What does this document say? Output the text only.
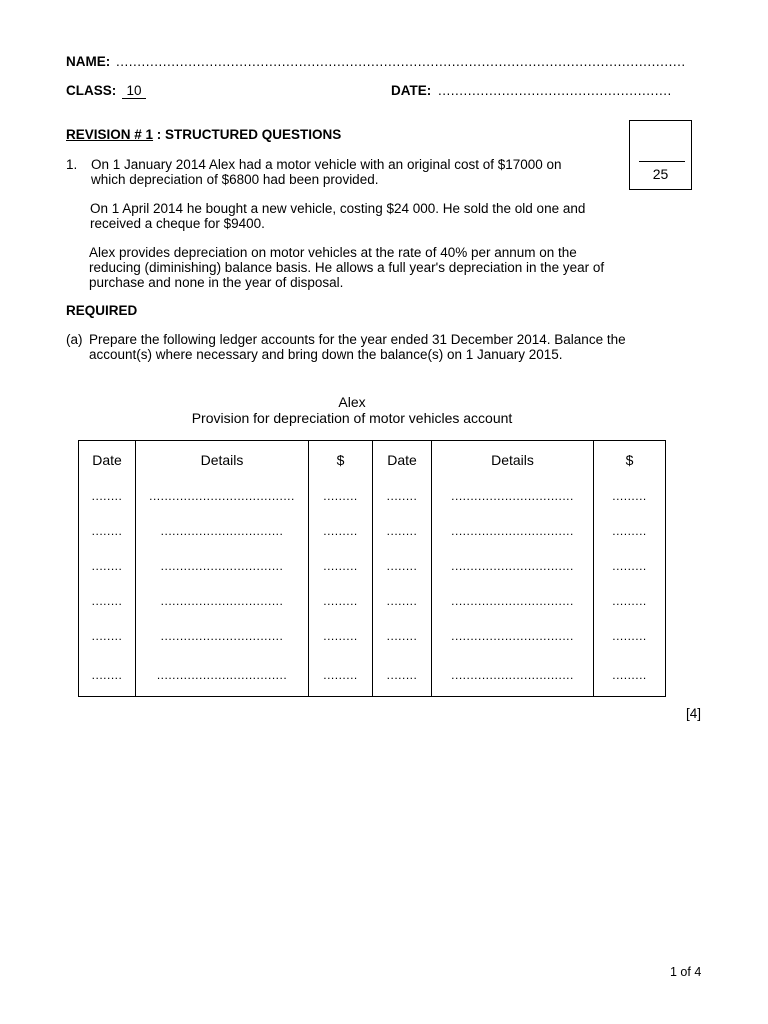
NAME: ......................................................................................................................................
CLASS: 10	DATE: .......................................................
REVISION # 1 : STRUCTURED QUESTIONS
25
1. On 1 January 2014 Alex had a motor vehicle with an original cost of $17000 on
which depreciation of $6800 had been provided.
On 1 April 2014 he bought a new vehicle, costing $24 000. He sold the old one and
received a cheque for $9400.
Alex provides depreciation on motor vehicles at the rate of 40% per annum on the
reducing (diminishing) balance basis. He allows a full year's depreciation in the year of
purchase and none in the year of disposal.
REQUIRED
(a) Prepare the following ledger accounts for the year ended 31 December 2014. Balance the
account(s) where necessary and bring down the balance(s) on 1 January 2015.
Alex
Provision for depreciation of motor vehicles account
Date	Details	$	Date	Details	$
........	......................................	.........	........	................................	.........
........	................................	.........	........	................................	.........
........	................................	.........	........	................................	.........
........	................................	.........	........	................................	.........
........	................................	.........	........	................................	.........
........	..................................	.........	........	................................	.........
[4]
1 of 4
